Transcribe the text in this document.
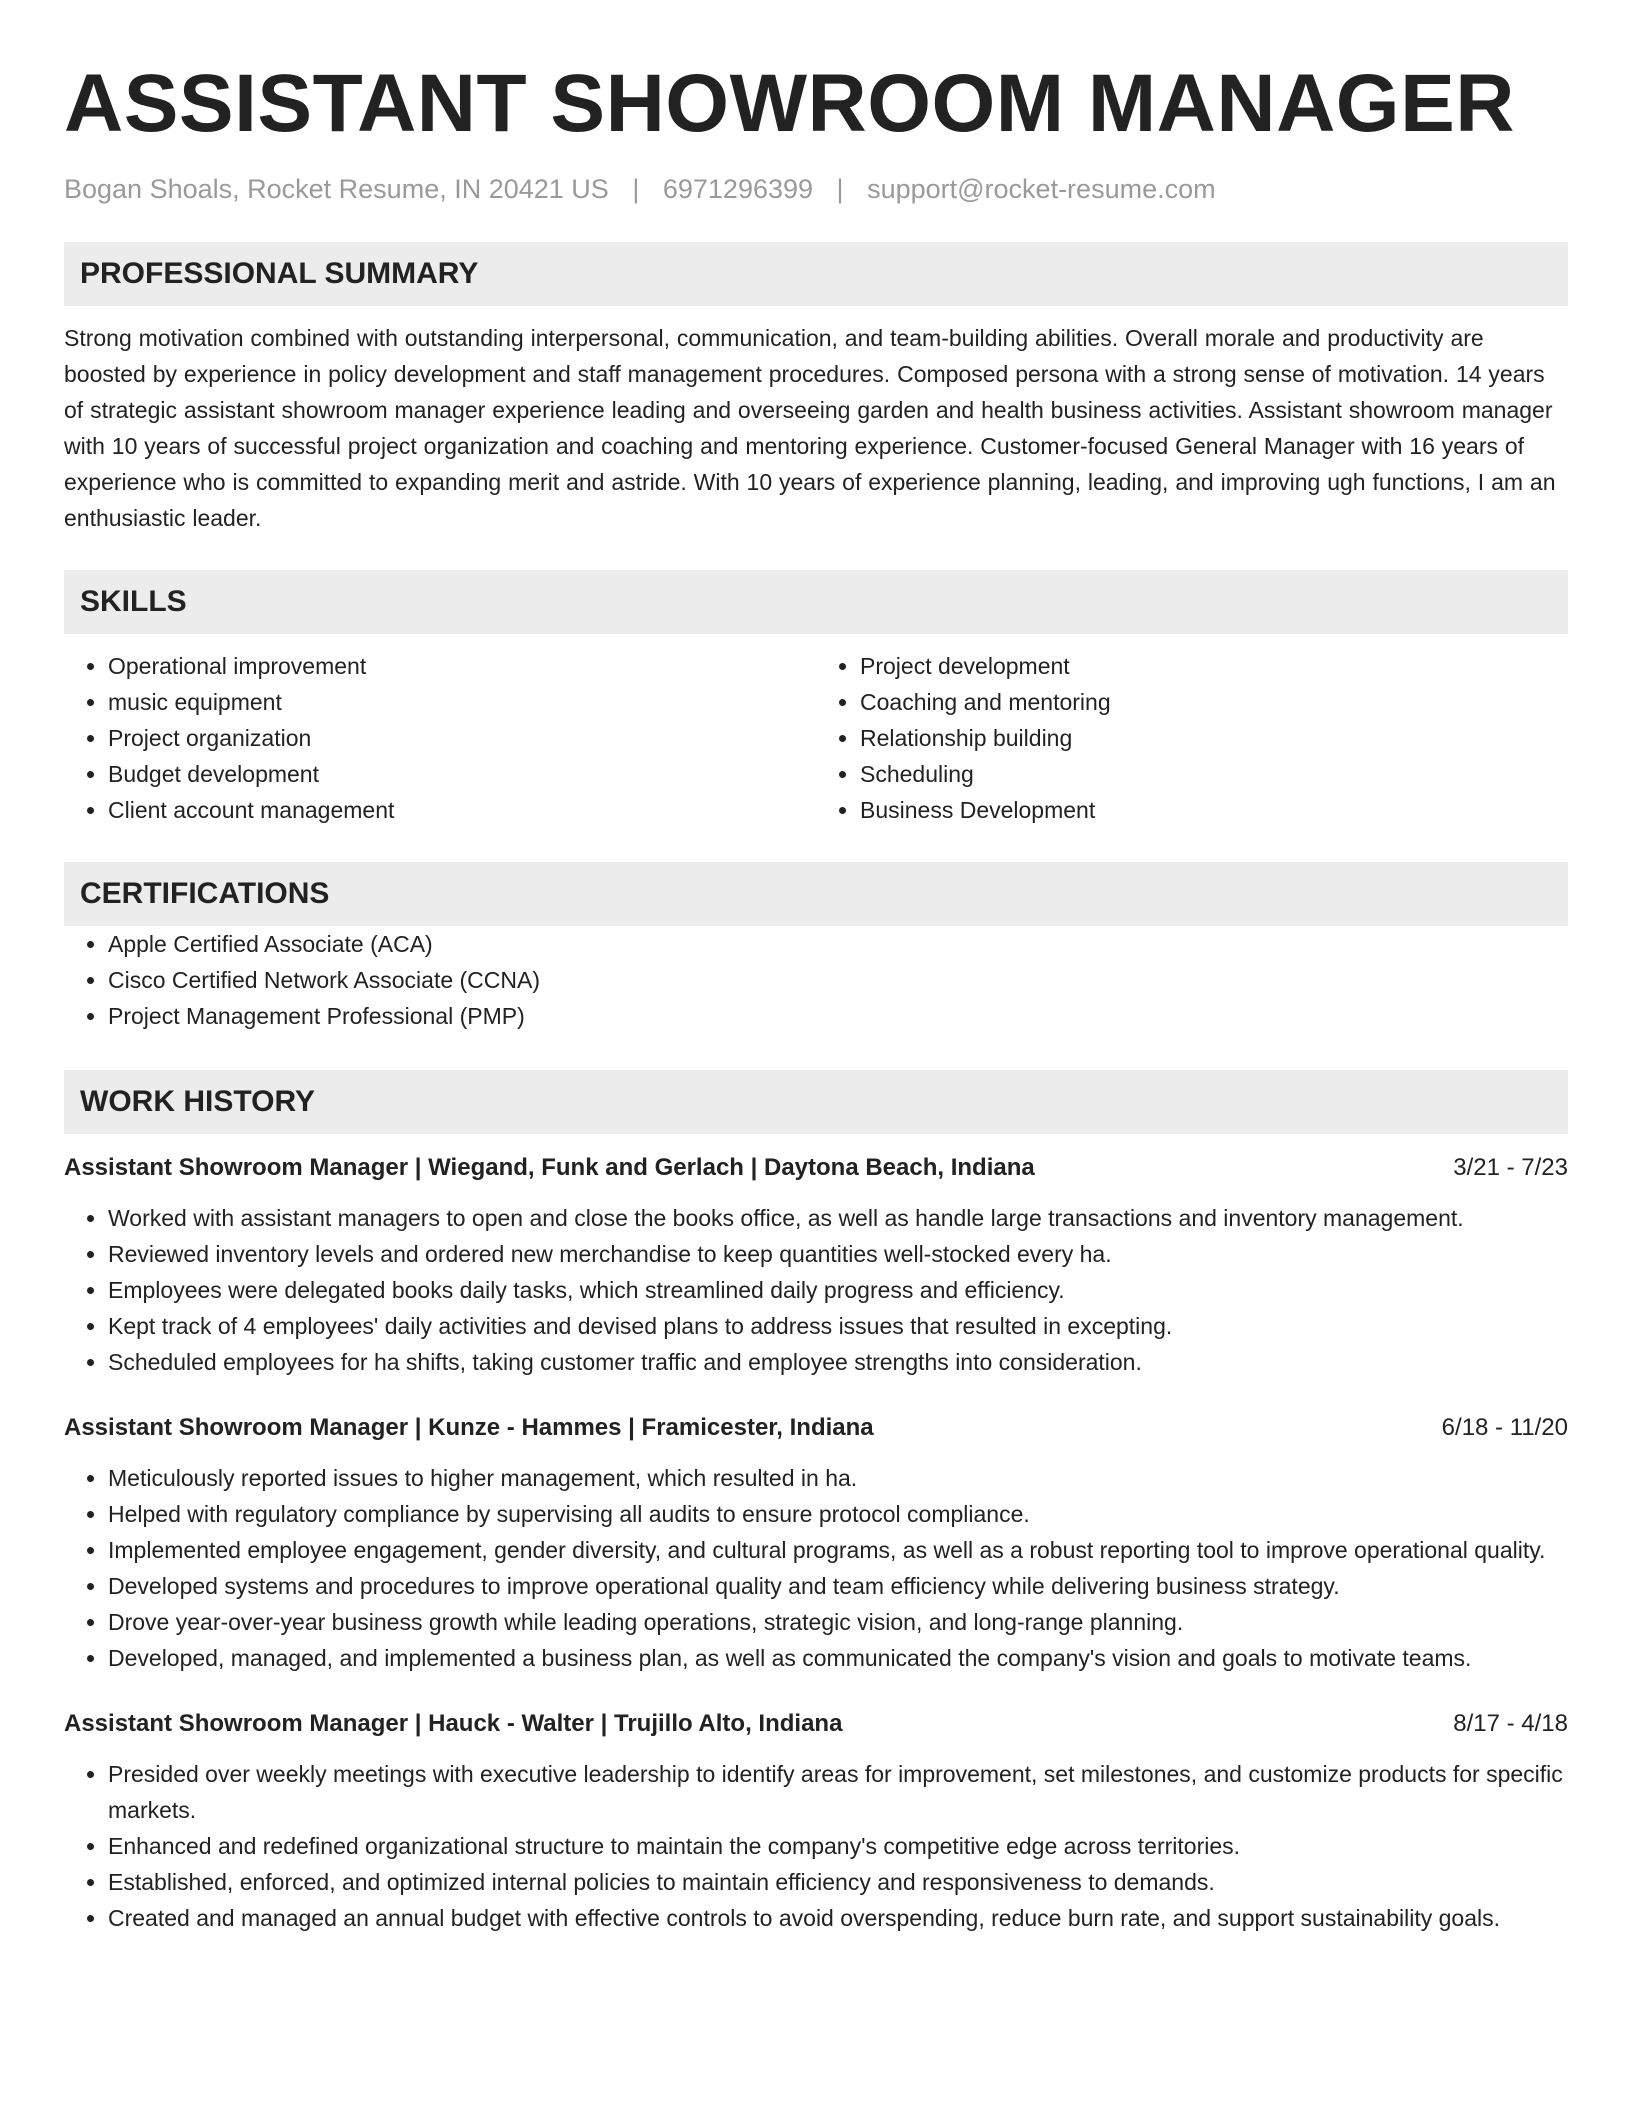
ASSISTANT SHOWROOM MANAGER
Bogan Shoals, Rocket Resume, IN 20421 US | 6971296399 | support@rocket-resume.com
PROFESSIONAL SUMMARY
Strong motivation combined with outstanding interpersonal, communication, and team-building abilities. Overall morale and productivity are boosted by experience in policy development and staff management procedures. Composed persona with a strong sense of motivation. 14 years of strategic assistant showroom manager experience leading and overseeing garden and health business activities. Assistant showroom manager with 10 years of successful project organization and coaching and mentoring experience. Customer-focused General Manager with 16 years of experience who is committed to expanding merit and astride. With 10 years of experience planning, leading, and improving ugh functions, I am an enthusiastic leader.
SKILLS
• Operational improvement
• music equipment
• Project organization
• Budget development
• Client account management
• Project development
• Coaching and mentoring
• Relationship building
• Scheduling
• Business Development
CERTIFICATIONS
• Apple Certified Associate (ACA)
• Cisco Certified Network Associate (CCNA)
• Project Management Professional (PMP)
WORK HISTORY
Assistant Showroom Manager | Wiegand, Funk and Gerlach | Daytona Beach, Indiana	3/21 - 7/23
• Worked with assistant managers to open and close the books office, as well as handle large transactions and inventory management.
• Reviewed inventory levels and ordered new merchandise to keep quantities well-stocked every ha.
• Employees were delegated books daily tasks, which streamlined daily progress and efficiency.
• Kept track of 4 employees' daily activities and devised plans to address issues that resulted in excepting.
• Scheduled employees for ha shifts, taking customer traffic and employee strengths into consideration.
Assistant Showroom Manager | Kunze - Hammes | Framicester, Indiana	6/18 - 11/20
• Meticulously reported issues to higher management, which resulted in ha.
• Helped with regulatory compliance by supervising all audits to ensure protocol compliance.
• Implemented employee engagement, gender diversity, and cultural programs, as well as a robust reporting tool to improve operational quality.
• Developed systems and procedures to improve operational quality and team efficiency while delivering business strategy.
• Drove year-over-year business growth while leading operations, strategic vision, and long-range planning.
• Developed, managed, and implemented a business plan, as well as communicated the company's vision and goals to motivate teams.
Assistant Showroom Manager | Hauck - Walter | Trujillo Alto, Indiana	8/17 - 4/18
• Presided over weekly meetings with executive leadership to identify areas for improvement, set milestones, and customize products for specific markets.
• Enhanced and redefined organizational structure to maintain the company's competitive edge across territories.
• Established, enforced, and optimized internal policies to maintain efficiency and responsiveness to demands.
• Created and managed an annual budget with effective controls to avoid overspending, reduce burn rate, and support sustainability goals.
